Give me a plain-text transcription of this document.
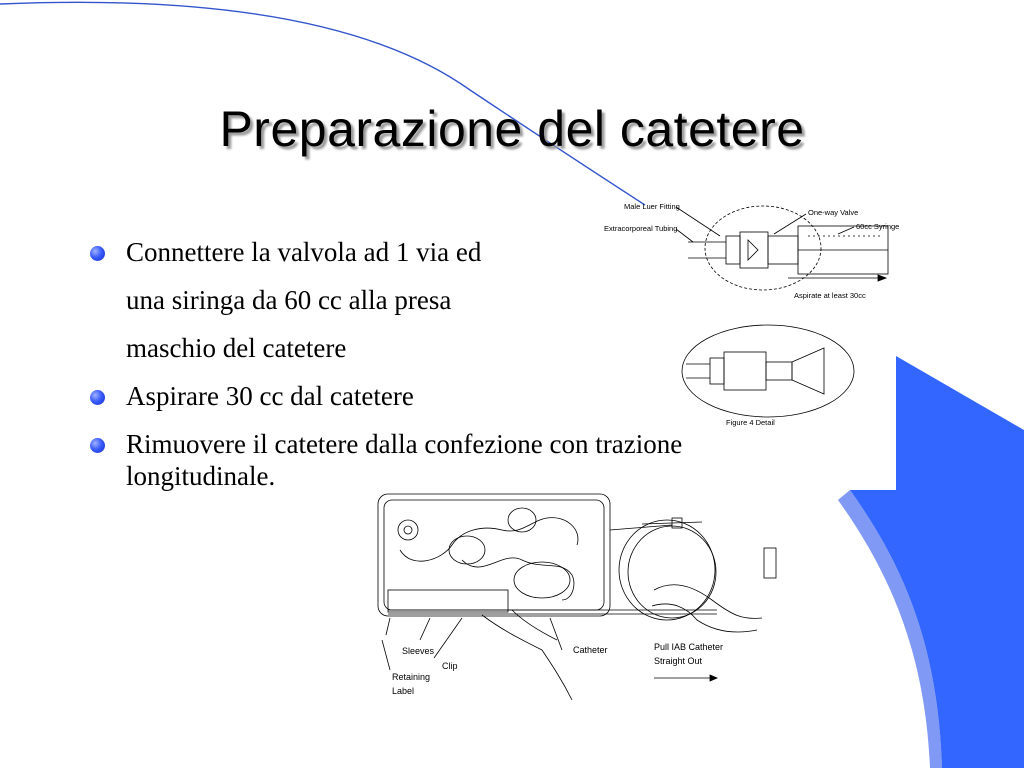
Preparazione del catetere
Connettere la valvola ad 1 via ed
una siringa da 60 cc alla presa
maschio del catetere
Aspirare 30 cc dal catetere
Rimuovere il catetere dalla confezione con trazione
longitudinale.
Male Luer Fitting
Extracorporeal Tubing
One-way Valve
60cc Syringe
Aspirate at least 30cc
Figure 4 Detail
Sleeves
Clip
Retaining
Label
Catheter	Pull IAB Catheter
Straight Out
